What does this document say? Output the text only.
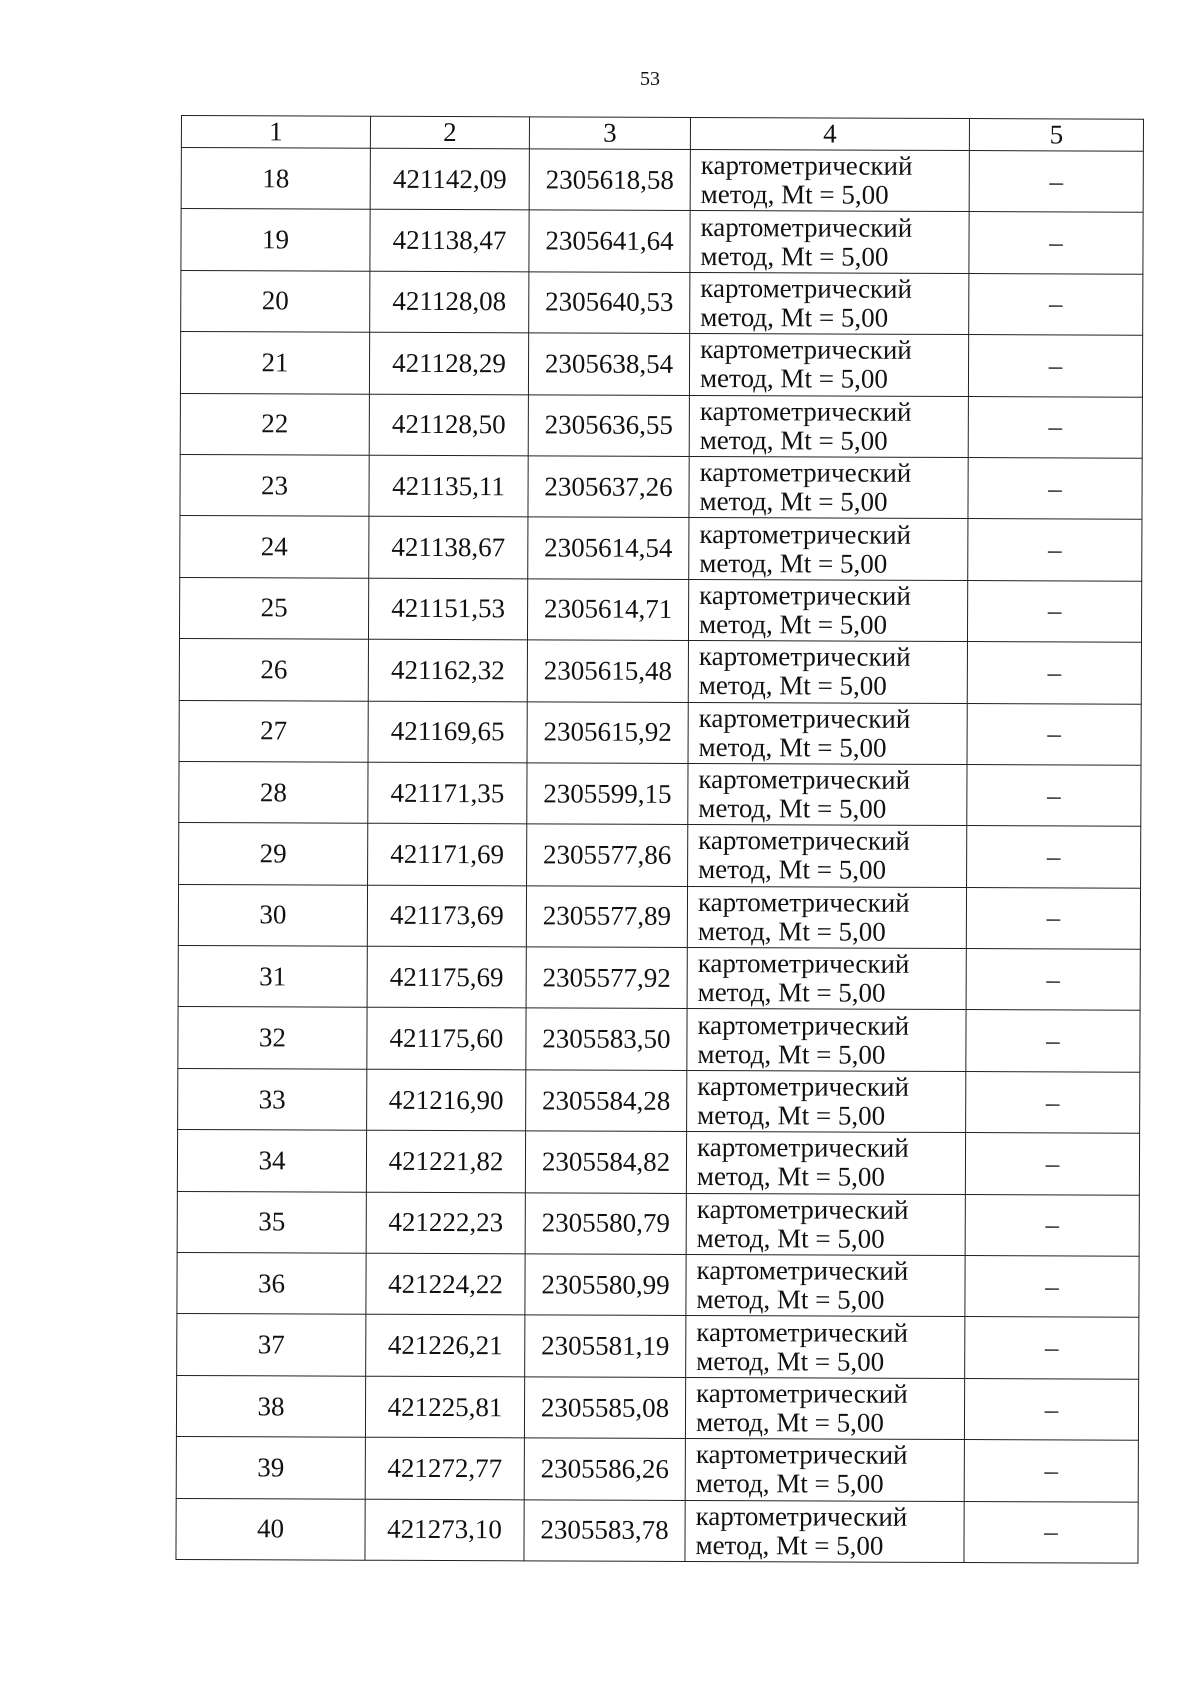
53
1	2	3	4	5
18	421142,09	2305618,58	картометрический
метод, Mt = 5,00	–
19	421138,47	2305641,64	картометрический
метод, Mt = 5,00	–
20	421128,08	2305640,53	картометрический
метод, Mt = 5,00	–
21	421128,29	2305638,54	картометрический
метод, Mt = 5,00	–
22	421128,50	2305636,55	картометрический
метод, Mt = 5,00	–
23	421135,11	2305637,26	картометрический
метод, Mt = 5,00	–
24	421138,67	2305614,54	картометрический
метод, Mt = 5,00	–
25	421151,53	2305614,71	картометрический
метод, Mt = 5,00	–
26	421162,32	2305615,48	картометрический
метод, Mt = 5,00	–
27	421169,65	2305615,92	картометрический
метод, Mt = 5,00	–
28	421171,35	2305599,15	картометрический
метод, Mt = 5,00	–
29	421171,69	2305577,86	картометрический
метод, Mt = 5,00	–
30	421173,69	2305577,89	картометрический
метод, Mt = 5,00	–
31	421175,69	2305577,92	картометрический
метод, Mt = 5,00	–
32	421175,60	2305583,50	картометрический
метод, Mt = 5,00	–
33	421216,90	2305584,28	картометрический
метод, Mt = 5,00	–
34	421221,82	2305584,82	картометрический
метод, Mt = 5,00	–
35	421222,23	2305580,79	картометрический
метод, Mt = 5,00	–
36	421224,22	2305580,99	картометрический
метод, Mt = 5,00	–
37	421226,21	2305581,19	картометрический
метод, Mt = 5,00	–
38	421225,81	2305585,08	картометрический
метод, Mt = 5,00	–
39	421272,77	2305586,26	картометрический
метод, Mt = 5,00	–
40	421273,10	2305583,78	картометрический
метод, Mt = 5,00	–
